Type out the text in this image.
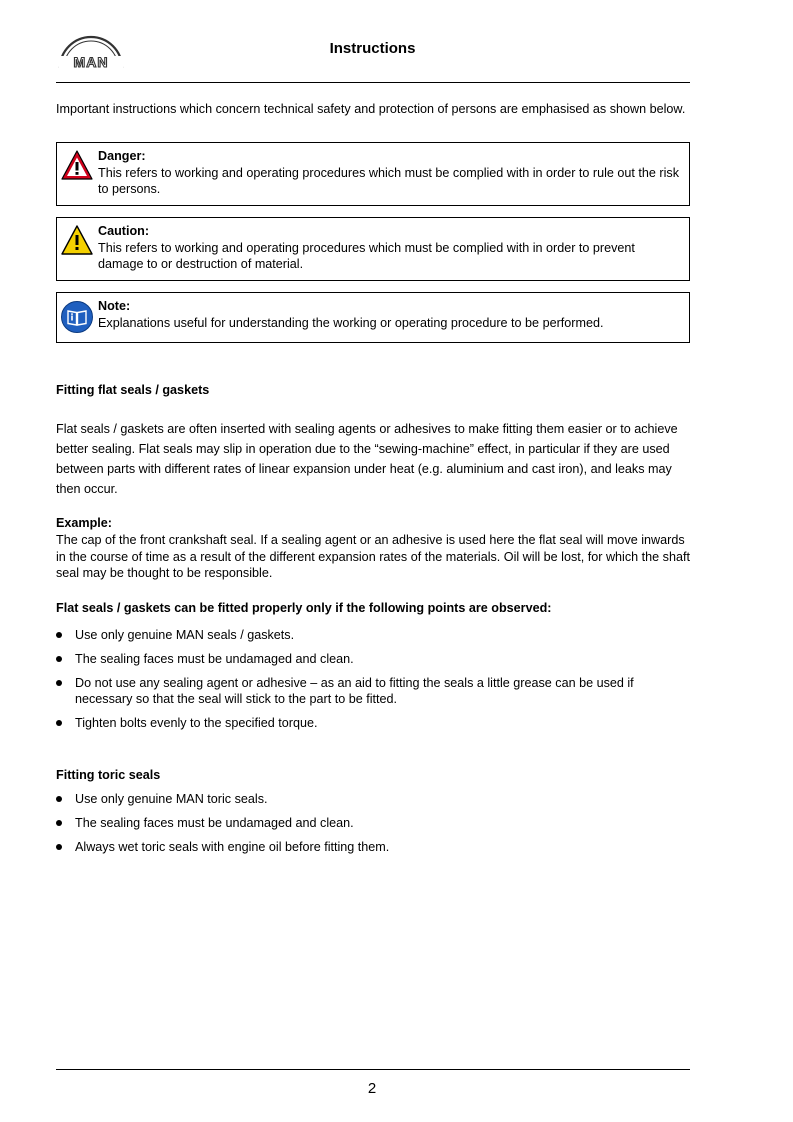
MAN
Instructions
Important instructions which concern technical safety and protection of persons are emphasised as shown below.
Danger:
This refers to working and operating procedures which must be complied with in order to rule out the risk to persons.
Caution:
This refers to working and operating procedures which must be complied with in order to prevent damage to or destruction of material.
Note:
Explanations useful for understanding the working or operating procedure to be performed.
Fitting flat seals / gaskets
Flat seals / gaskets are often inserted with sealing agents or adhesives to make fitting them easier or to achieve better sealing. Flat seals may slip in operation due to the “sewing-machine” effect, in particular if they are used between parts with different rates of linear expansion under heat (e.g. aluminium and cast iron), and leaks may then occur.
Example:
The cap of the front crankshaft seal. If a sealing agent or an adhesive is used here the flat seal will move inwards in the course of time as a result of the different expansion rates of the materials. Oil will be lost, for which the shaft seal may be thought to be responsible.
Flat seals / gaskets can be fitted properly only if the following points are observed:
Use only genuine MAN seals / gaskets.
The sealing faces must be undamaged and clean.
Do not use any sealing agent or adhesive – as an aid to fitting the seals a little grease can be used if necessary so that the seal will stick to the part to be fitted.
Tighten bolts evenly to the specified torque.
Fitting toric seals
Use only genuine MAN toric seals.
The sealing faces must be undamaged and clean.
Always wet toric seals with engine oil before fitting them.
2
